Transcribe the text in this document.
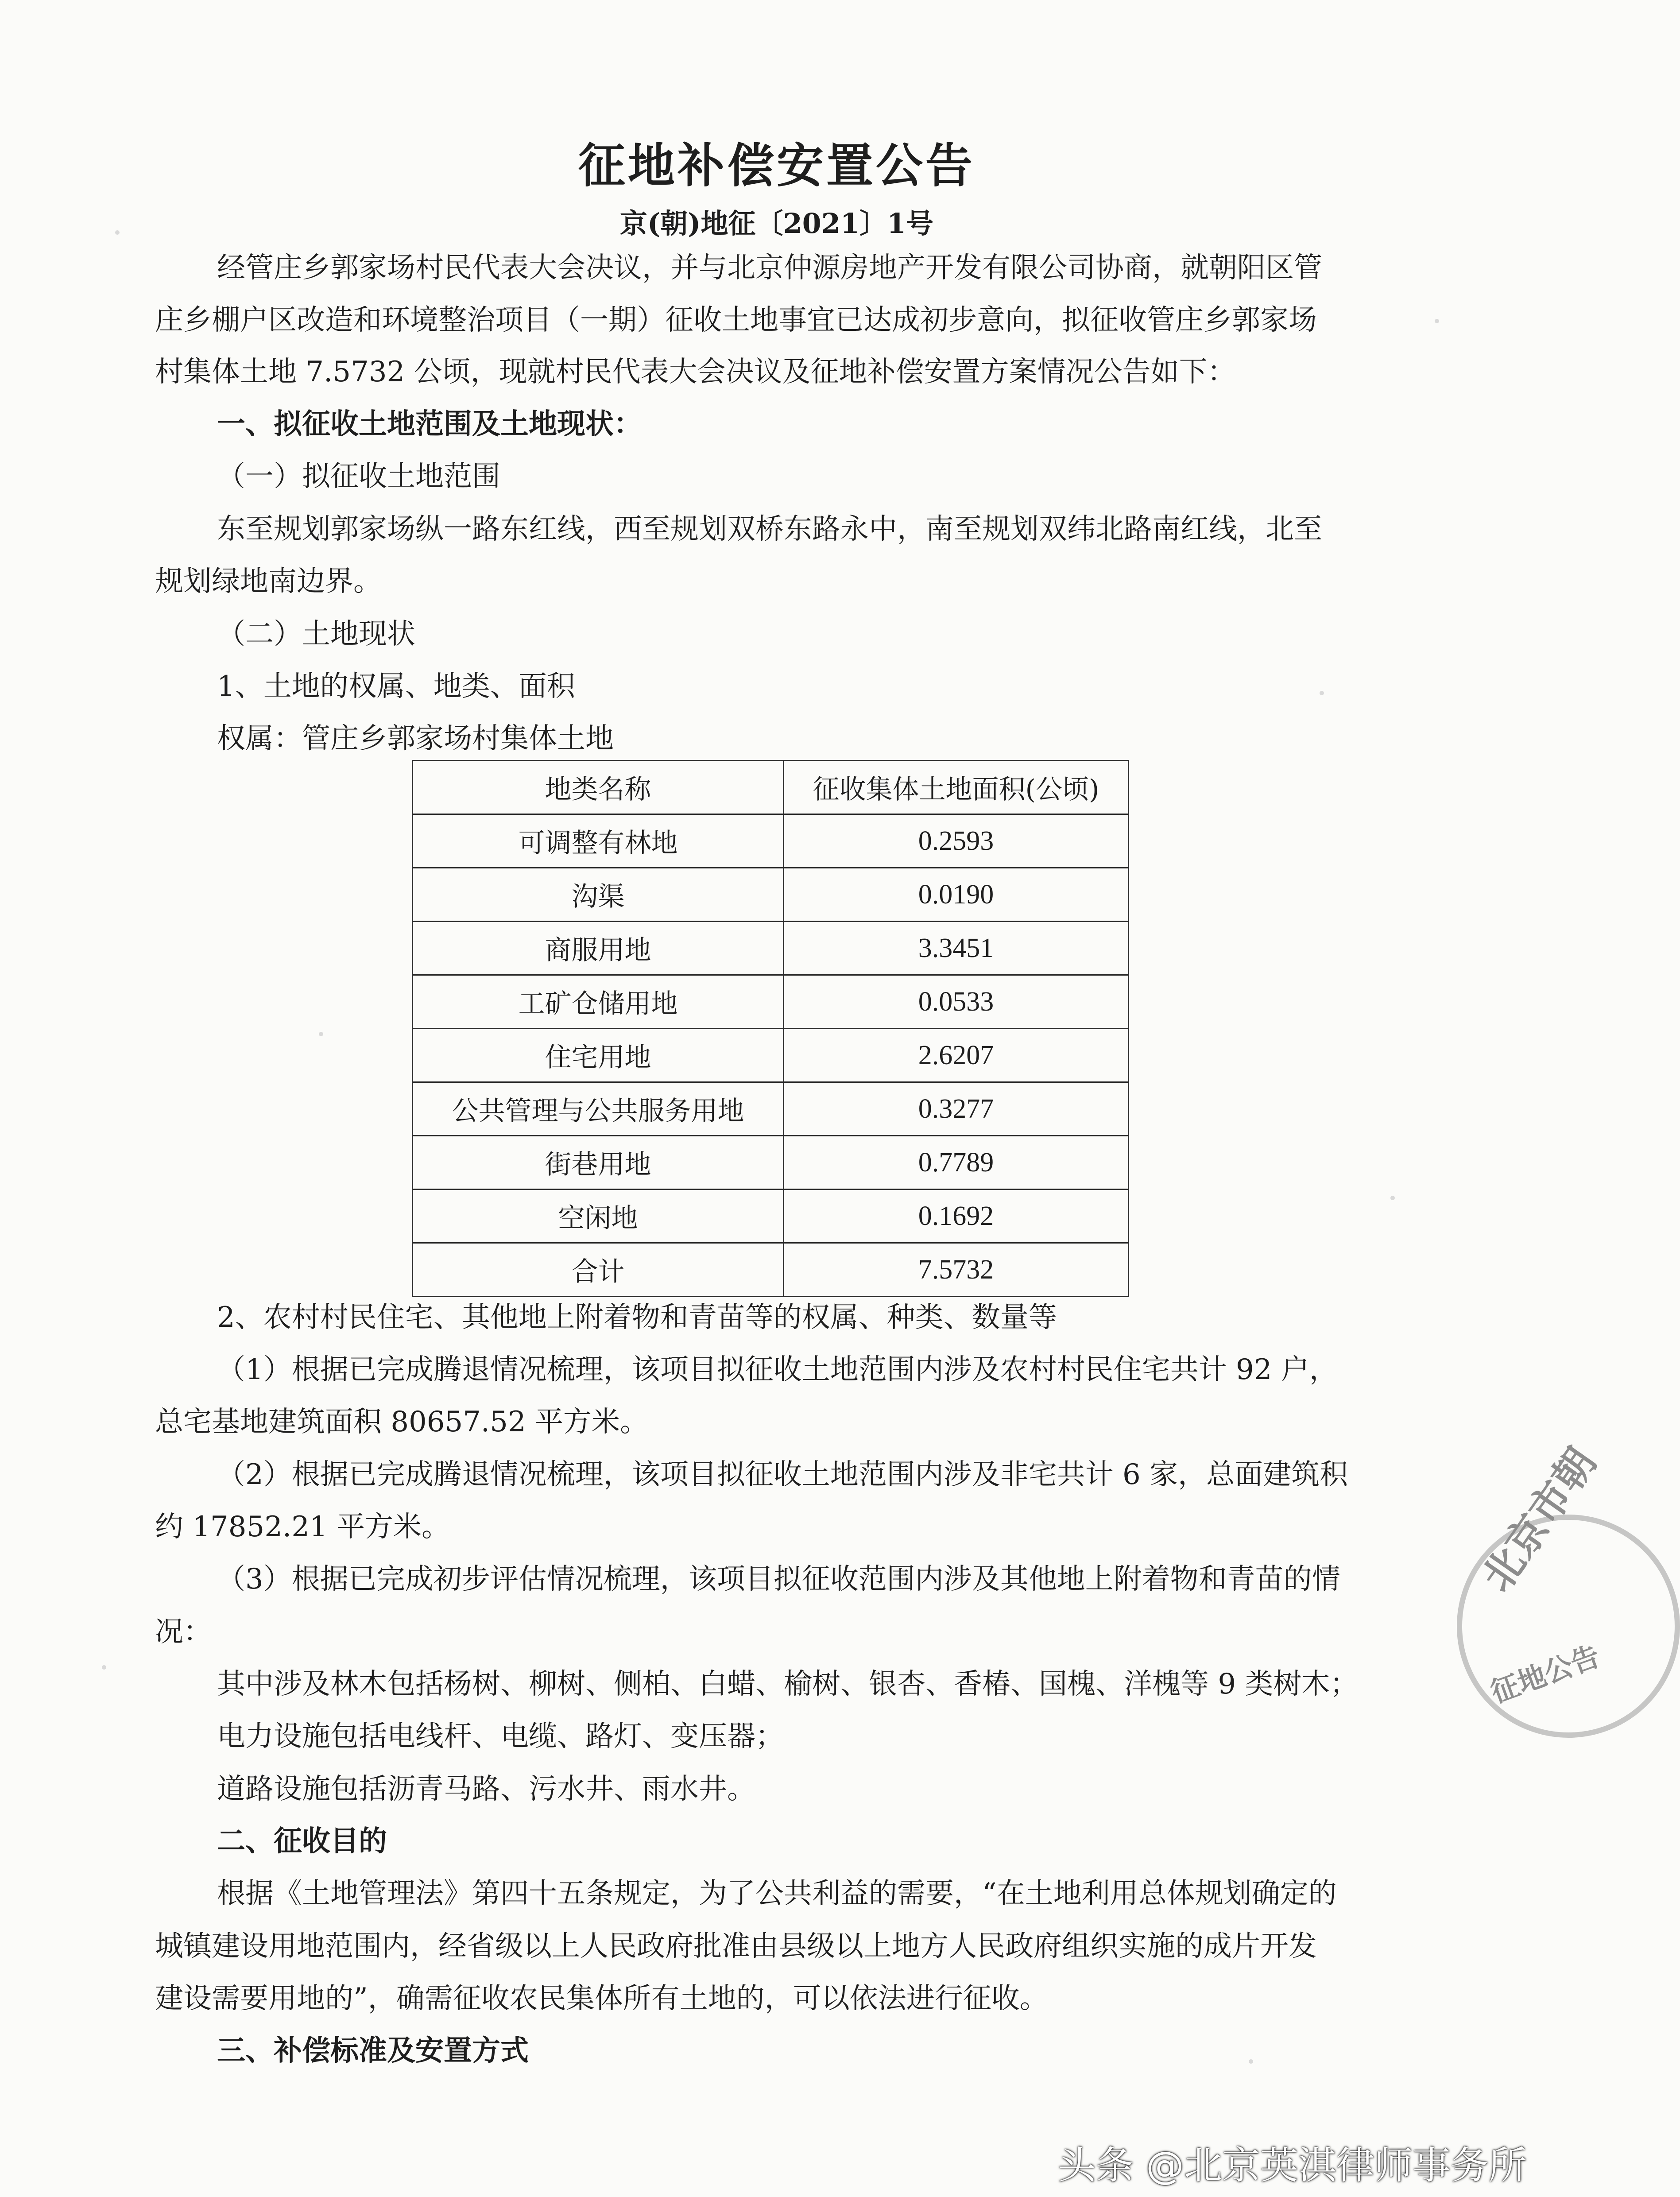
征地补偿安置公告
京(朝)地征〔2021〕1号
经管庄乡郭家场村民代表大会决议，并与北京仲源房地产开发有限公司协商，就朝阳区管
庄乡棚户区改造和环境整治项目（一期）征收土地事宜已达成初步意向，拟征收管庄乡郭家场
村集体土地 7.5732 公顷，现就村民代表大会决议及征地补偿安置方案情况公告如下：
一、拟征收土地范围及土地现状：
（一）拟征收土地范围
东至规划郭家场纵一路东红线，西至规划双桥东路永中，南至规划双纬北路南红线，北至
规划绿地南边界。
（二）土地现状
1、土地的权属、地类、面积
权属：管庄乡郭家场村集体土地
地类名称	征收集体土地面积(公顷)
可调整有林地	0.2593
沟渠	0.0190
商服用地	3.3451
工矿仓储用地	0.0533
住宅用地	2.6207
公共管理与公共服务用地	0.3277
街巷用地	0.7789
空闲地	0.1692
合计	7.5732
2、农村村民住宅、其他地上附着物和青苗等的权属、种类、数量等
（1）根据已完成腾退情况梳理，该项目拟征收土地范围内涉及农村村民住宅共计 92 户，
总宅基地建筑面积 80657.52 平方米。
（2）根据已完成腾退情况梳理，该项目拟征收土地范围内涉及非宅共计 6 家，总面建筑积
约 17852.21 平方米。
（3）根据已完成初步评估情况梳理，该项目拟征收范围内涉及其他地上附着物和青苗的情
况：
其中涉及林木包括杨树、柳树、侧柏、白蜡、榆树、银杏、香椿、国槐、洋槐等 9 类树木；
电力设施包括电线杆、电缆、路灯、变压器；
道路设施包括沥青马路、污水井、雨水井。
二、征收目的
根据《土地管理法》第四十五条规定，为了公共利益的需要，“在土地利用总体规划确定的
城镇建设用地范围内，经省级以上人民政府批准由县级以上地方人民政府组织实施的成片开发
建设需要用地的”，确需征收农民集体所有土地的，可以依法进行征收。
三、补偿标准及安置方式
北京市朝
征地公告
头条 @北京英淇律师事务所
